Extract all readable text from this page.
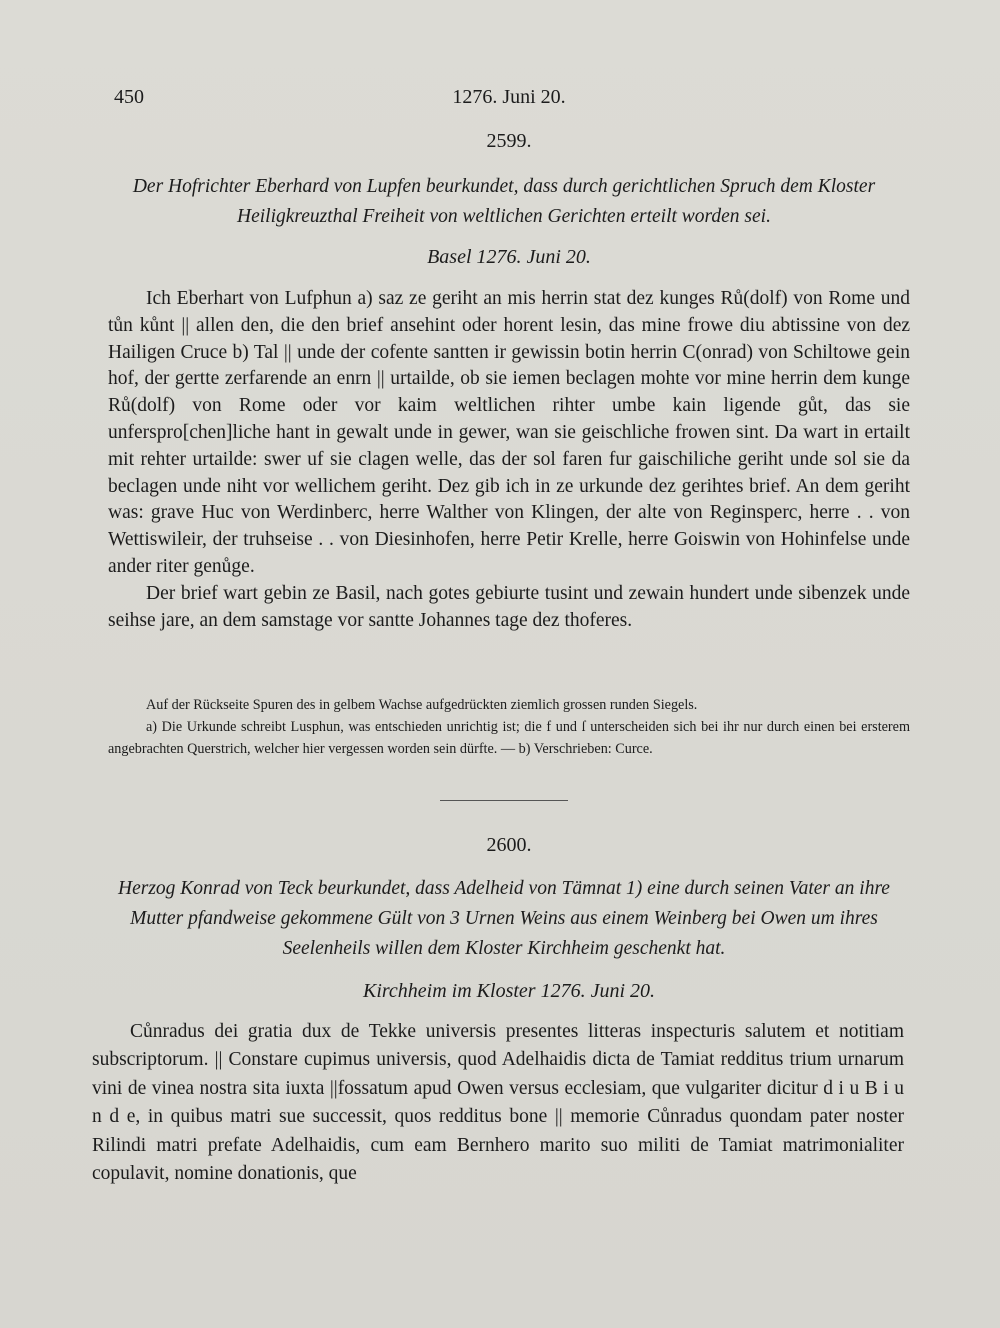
450	1276. Juni 20.
2599.
Der Hofrichter Eberhard von Lupfen beurkundet, dass durch gerichtlichen Spruch dem Kloster Heiligkreuzthal Freiheit von weltlichen Gerichten erteilt worden sei.
Basel 1276. Juni 20.

Ich Eberhart von Lufphun a) saz ze geriht an mis herrin stat dez kunges Rů(dolf) von Rome und tůn kůnt || allen den, die den brief ansehint oder horent lesin, das mine frowe diu abtissine von dez Hailigen Cruce b) Tal || unde der cofente santten ir gewissin botin herrin C(onrad) von Schiltowe gein hof, der gertte zerfarende an enrn || urtailde, ob sie iemen beclagen mohte vor mine herrin dem kunge Rů(dolf) von Rome oder vor kaim weltlichen rihter umbe kain ligende gůt, das sie unferspro[chen]liche hant in gewalt unde in gewer, wan sie geischliche frowen sint. Da wart in ertailt mit rehter urtailde: swer uf sie clagen welle, das der sol faren fur gaischiliche geriht unde sol sie da beclagen unde niht vor wellichem geriht. Dez gib ich in ze urkunde dez gerihtes brief. An dem geriht was: grave Huc von Werdinberc, herre Walther von Klingen, der alte von Reginsperc, herre . . von Wettiswileir, der truhseise . . von Diesinhofen, herre Petir Krelle, herre Goiswin von Hohinfelse unde ander riter genůge.

Der brief wart gebin ze Basil, nach gotes gebiurte tusint und zewain hundert unde sibenzek unde seihse jare, an dem samstage vor santte Johannes tage dez thoferes.

Auf der Rückseite Spuren des in gelbem Wachse aufgedrückten ziemlich grossen runden Siegels.

a) Die Urkunde schreibt Lusphun, was entschieden unrichtig ist; die f und ſ unterscheiden sich bei ihr nur durch einen bei ersterem angebrachten Querstrich, welcher hier vergessen worden sein dürfte. — b) Verschrieben: Curce.

2600.
Herzog Konrad von Teck beurkundet, dass Adelheid von Tämnat 1) eine durch seinen Vater an ihre Mutter pfandweise gekommene Gült von 3 Urnen Weins aus einem Weinberg bei Owen um ihres Seelenheils willen dem Kloster Kirchheim geschenkt hat.
Kirchheim im Kloster 1276. Juni 20.

Cůnradus dei gratia dux de Tekke universis presentes litteras inspecturis salutem et notitiam subscriptorum. || Constare cupimus universis, quod Adelhaidis dicta de Tamiat redditus trium urnarum vini de vinea nostra sita iuxta ||fossatum apud Owen versus ecclesiam, que vulgariter dicitur d i u B i u n d e, in quibus matri sue successit, quos redditus bone || memorie Cůnradus quondam pater noster Rilindi matri prefate Adelhaidis, cum eam Bernhero marito suo militi de Tamiat matrimonialiter copulavit, nomine donationis, que
